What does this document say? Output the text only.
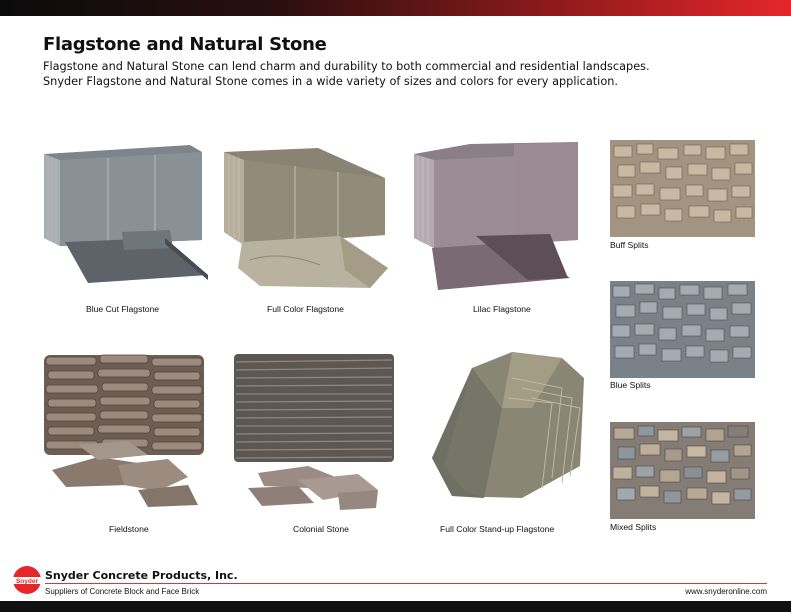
Flagstone and Natural Stone

Flagstone and Natural Stone can lend charm and durability to both commercial and residential landscapes.

Snyder Flagstone and Natural Stone comes in a wide variety of sizes and colors for every application.

Blue Cut Flagstone	Full Color Flagstone	Lilac Flagstone
Buff Splits
Blue Splits
Fieldstone	Colonial Stone	Full Color Stand-up Flagstone	Mixed Splits
Snyder Snyder Concrete Products, Inc.
Suppliers of Concrete Block and Face Brick	www.snyderonline.com
